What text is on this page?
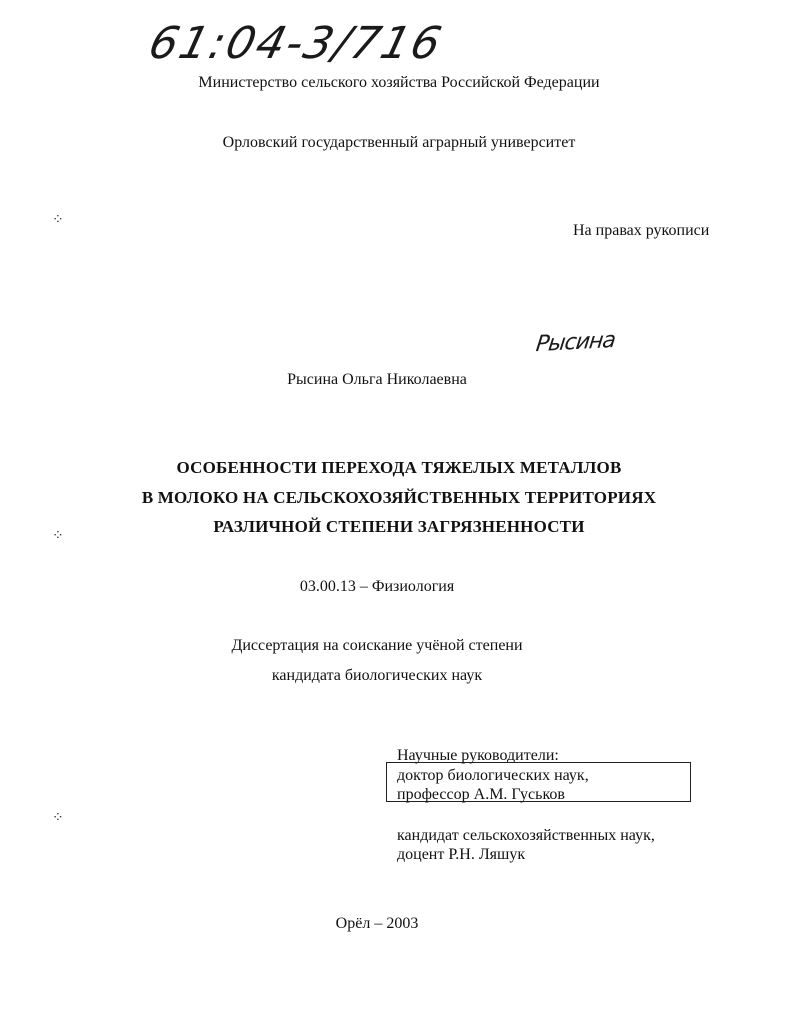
61:04-3/716
Министерство сельского хозяйства Российской Федерации
Орловский государственный аграрный университет
⁘
На правах рукописи
Рысина
Рысина Ольга Николаевна
ОСОБЕННОСТИ ПЕРЕХОДА ТЯЖЕЛЫХ МЕТАЛЛОВ
В МОЛОКО НА СЕЛЬСКОХОЗЯЙСТВЕННЫХ ТЕРРИТОРИЯХ
РАЗЛИЧНОЙ СТЕПЕНИ ЗАГРЯЗНЕННОСТИ
⁘
03.00.13 – Физиология
Диссертация на соискание учёной степени
кандидата биологических наук
Научные руководители:
доктор биологических наук,
профессор А.М. Гуськов
⁘
кандидат сельскохозяйственных наук,
доцент Р.Н. Ляшук
Орёл – 2003
